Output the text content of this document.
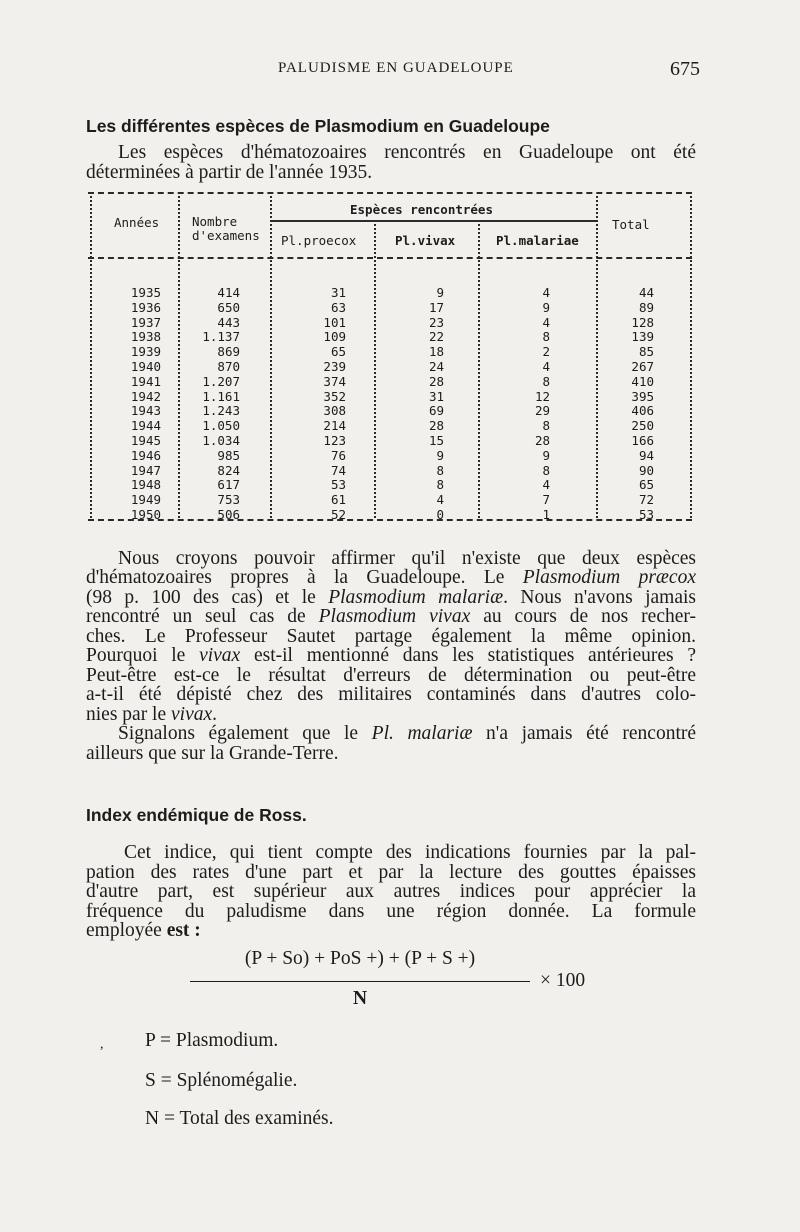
PALUDISME EN GUADELOUPE	675
Les différentes espèces de Plasmodium en Guadeloupe

Les espèces d'hématozoaires rencontrés en Guadeloupe ont été

déterminées à partir de l'année 1935.

Années	Nombre
d'examens
Espèces rencontrées
Pl.proecox	Pl.vivax	Pl.malariae
Total
1935	414	31	9	4	44
1936	650	63	17	9	89
1937	443	101	23	4	128
1938	1.137	109	22	8	139
1939	869	65	18	2	85
1940	870	239	24	4	267
1941	1.207	374	28	8	410
1942	1.161	352	31	12	395
1943	1.243	308	69	29	406
1944	1.050	214	28	8	250
1945	1.034	123	15	28	166
1946	985	76	9	9	94
1947	824	74	8	8	90
1948	617	53	8	4	65
1949	753	61	4	7	72
1950	506	52	0	1	53

Nous croyons pouvoir affirmer qu'il n'existe que deux espèces

d'hématozoaires propres à la Guadeloupe. Le Plasmodium præcox

(98 p. 100 des cas) et le Plasmodium malariæ. Nous n'avons jamais

rencontré un seul cas de Plasmodium vivax au cours de nos recher-

ches. Le Professeur Sautet partage également la même opinion.

Pourquoi le vivax est-il mentionné dans les statistiques antérieures ?

Peut-être est-ce le résultat d'erreurs de détermination ou peut-être

a-t-il été dépisté chez des militaires contaminés dans d'autres colo-

nies par le vivax.

Signalons également que le Pl. malariæ n'a jamais été rencontré

ailleurs que sur la Grande-Terre.

Index endémique de Ross.

Cet indice, qui tient compte des indications fournies par la pal-

pation des rates d'une part et par la lecture des gouttes épaisses

d'autre part, est supérieur aux autres indices pour apprécier la

fréquence du paludisme dans une région donnée. La formule

employée est :

(P + So) + PoS +) + (P + S +)
N
× 100
, P = Plasmodium.
S = Splénomégalie.
N = Total des examinés.
